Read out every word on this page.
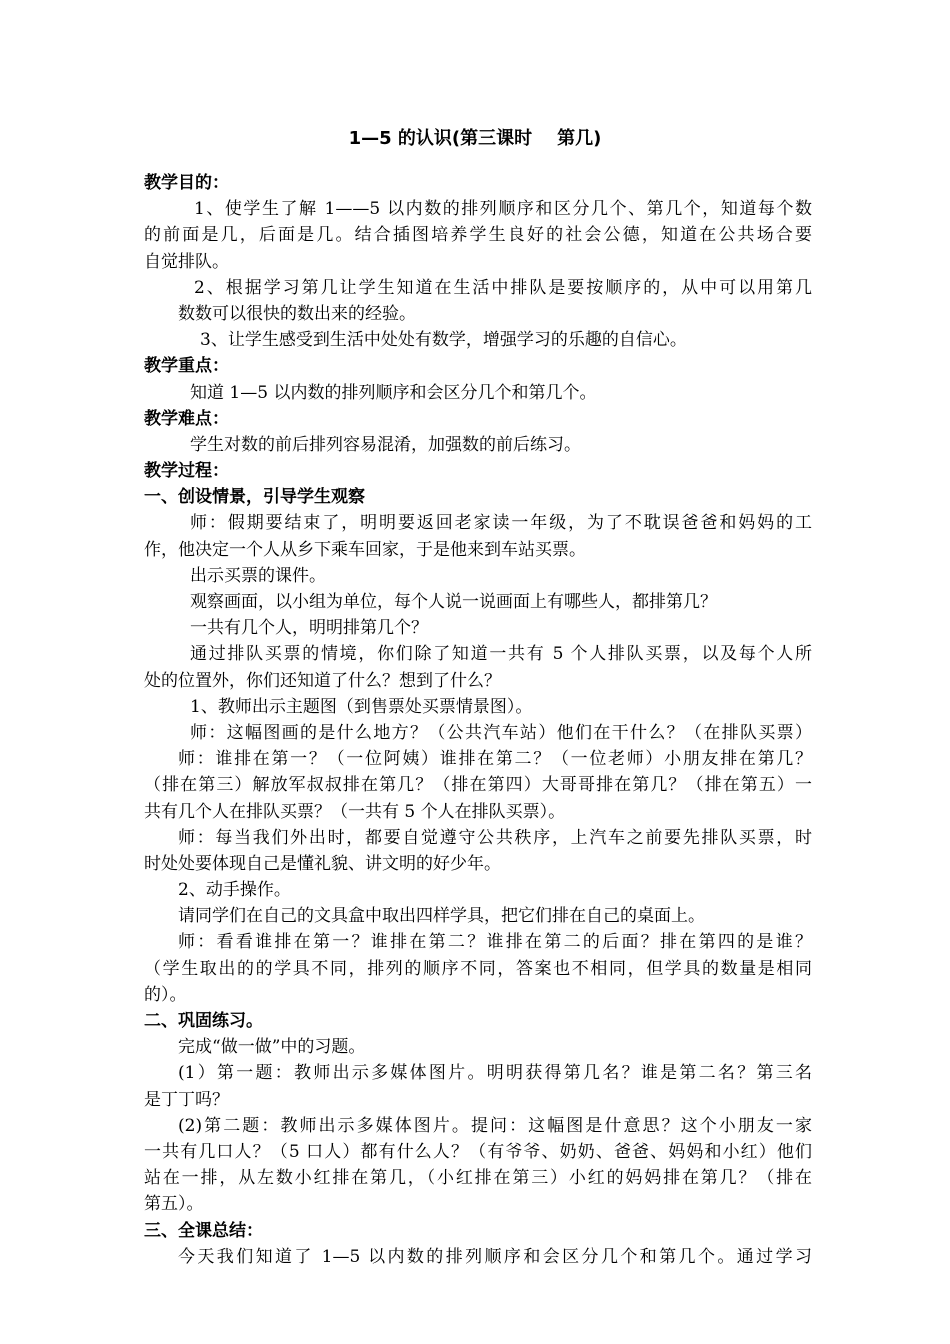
1—5 的认识(第三课时    第几)
教学目的：
1、使学生了解 1——5 以内数的排列顺序和区分几个、第几个，知道每个数
的前面是几，后面是几。结合插图培养学生良好的社会公德，知道在公共场合要
自觉排队。
2、根据学习第几让学生知道在生活中排队是要按顺序的，从中可以用第几
数数可以很快的数出来的经验。
3、让学生感受到生活中处处有数学，增强学习的乐趣的自信心。
教学重点：
知道 1—5 以内数的排列顺序和会区分几个和第几个。
教学难点：
学生对数的前后排列容易混淆，加强数的前后练习。
教学过程：
一、创设情景，引导学生观察
师：假期要结束了，明明要返回老家读一年级，为了不耽误爸爸和妈妈的工
作，他决定一个人从乡下乘车回家，于是他来到车站买票。
出示买票的课件。
观察画面，以小组为单位，每个人说一说画面上有哪些人，都排第几？
一共有几个人，明明排第几个？
通过排队买票的情境，你们除了知道一共有 5 个人排队买票，以及每个人所
处的位置外，你们还知道了什么？想到了什么？
1、教师出示主题图（到售票处买票情景图）。
师：这幅图画的是什么地方？（公共汽车站）他们在干什么？（在排队买票）
师：谁排在第一？（一位阿姨）谁排在第二？（一位老师）小朋友排在第几？
（排在第三）解放军叔叔排在第几？（排在第四）大哥哥排在第几？（排在第五）一
共有几个人在排队买票？（一共有 5 个人在排队买票）。
师：每当我们外出时，都要自觉遵守公共秩序，上汽车之前要先排队买票，时
时处处要体现自己是懂礼貌、讲文明的好少年。
2、动手操作。
请同学们在自己的文具盒中取出四样学具，把它们排在自己的桌面上。
师：看看谁排在第一？谁排在第二？谁排在第二的后面？排在第四的是谁？
（学生取出的的学具不同，排列的顺序不同，答案也不相同，但学具的数量是相同
的）。
二、巩固练习。
完成“做一做”中的习题。
(1）第一题：教师出示多媒体图片。明明获得第几名？谁是第二名？第三名
是丁丁吗？
(2)第二题：教师出示多媒体图片。提问：这幅图是什意思？这个小朋友一家
一共有几口人？（5 口人）都有什么人？（有爷爷、奶奶、爸爸、妈妈和小红）他们
站在一排，从左数小红排在第几，（小红排在第三）小红的妈妈排在第几？（排在
第五）。
三、全课总结：
今天我们知道了 1—5 以内数的排列顺序和会区分几个和第几个。通过学习
